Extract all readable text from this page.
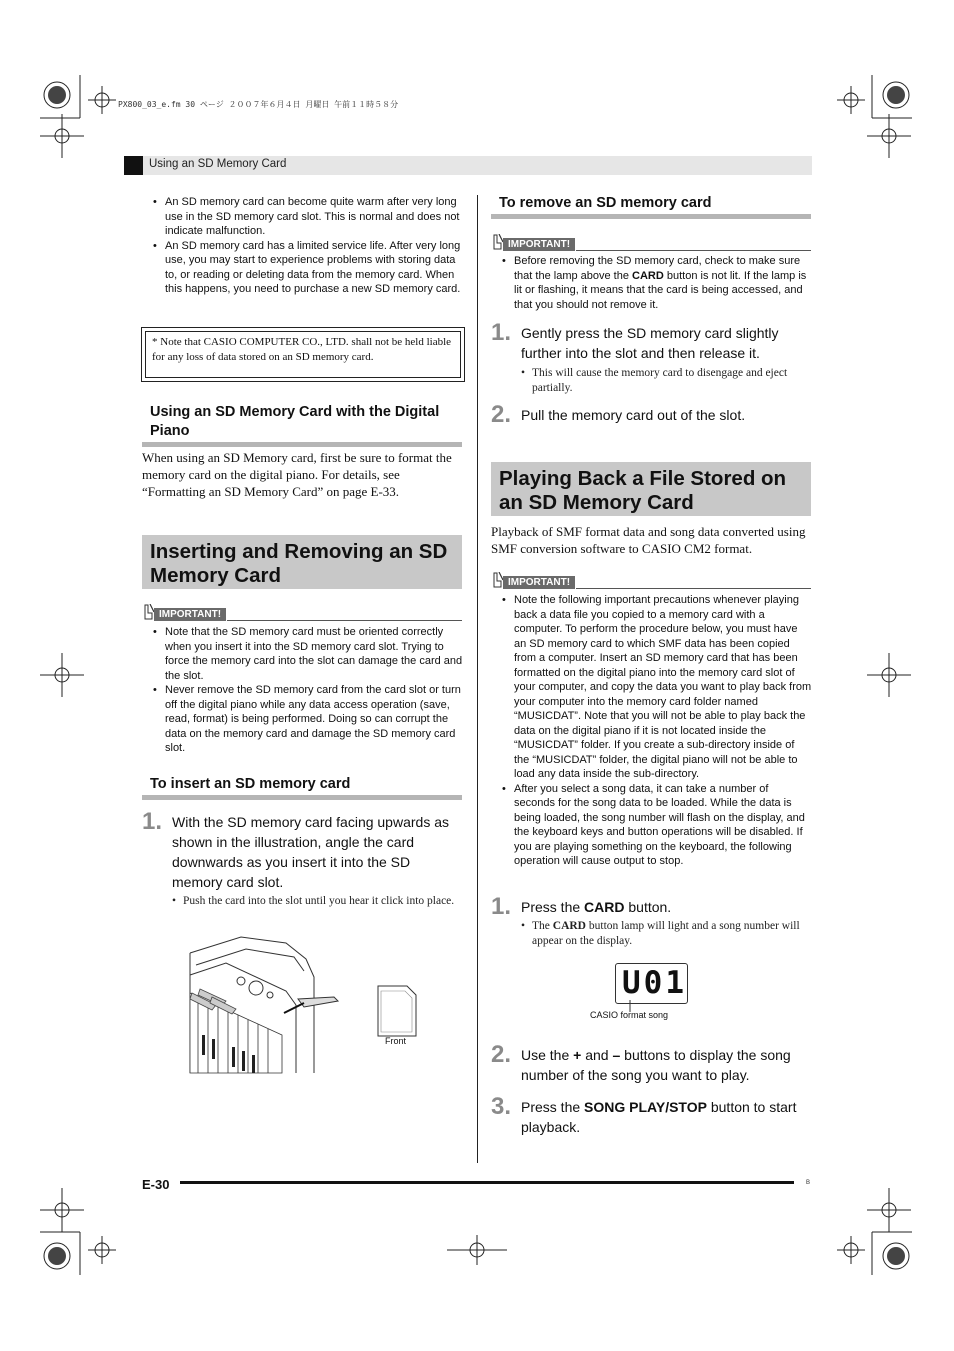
PX800_03_e.fm 30 ページ ２００７年６月４日 月曜日 午前１１時５８分
Using an SD Memory Card
• An SD memory card can become quite warm after very long use in the SD memory card slot. This is normal and does not indicate malfunction.
• An SD memory card has a limited service life. After very long use, you may start to experience problems with storing data to, or reading or deleting data from the memory card. When this happens, you need to purchase a new SD memory card.
* Note that CASIO COMPUTER CO., LTD. shall not be held liable for any loss of data stored on an SD memory card.
Using an SD Memory Card with the Digital Piano
When using an SD Memory card, first be sure to format the memory card on the digital piano. For details, see “Formatting an SD Memory Card” on page E-33.
Inserting and Removing an SD Memory Card
IMPORTANT!
• Note that the SD memory card must be oriented correctly when you insert it into the SD memory card slot. Trying to force the memory card into the slot can damage the card and the slot.
• Never remove the SD memory card from the card slot or turn off the digital piano while any data access operation (save, read, format) is being performed. Doing so can corrupt the data on the memory card and damage the SD memory card slot.
To insert an SD memory card
1. With the SD memory card facing upwards as shown in the illustration, angle the card downwards as you insert it into the SD memory card slot.
• Push the card into the slot until you hear it click into place.
Front
To remove an SD memory card
IMPORTANT!
• Before removing the SD memory card, check to make sure that the lamp above the CARD button is not lit. If the lamp is lit or flashing, it means that the card is being accessed, and that you should not remove it.
1. Gently press the SD memory card slightly further into the slot and then release it.
• This will cause the memory card to disengage and eject partially.
2. Pull the memory card out of the slot.
Playing Back a File Stored on an SD Memory Card
Playback of SMF format data and song data converted using SMF conversion software to CASIO CM2 format.
IMPORTANT!
• Note the following important precautions whenever playing back a data file you copied to a memory card with a computer. To perform the procedure below, you must have an SD memory card to which SMF data has been copied from a computer. Insert an SD memory card that has been formatted on the digital piano into the memory card slot of your computer, and copy the data you want to play back from your computer into the memory card folder named “MUSICDAT”. Note that you will not be able to play back the data on the digital piano if it is not located inside the “MUSICDAT” folder. If you create a sub-directory inside of the “MUSICDAT” folder, the digital piano will not be able to load any data inside the sub-directory.
• After you select a song data, it can take a number of seconds for the song data to be loaded. While the data is being loaded, the song number will flash on the display, and the keyboard keys and button operations will be disabled. If you are playing something on the keyboard, the following operation will cause output to stop.
1. Press the CARD button.
• The CARD button lamp will light and a song number will appear on the display.
U01
CASIO format song
2. Use the + and – buttons to display the song number of the song you want to play.
3. Press the SONG PLAY/STOP button to start playback.
E-30	B
